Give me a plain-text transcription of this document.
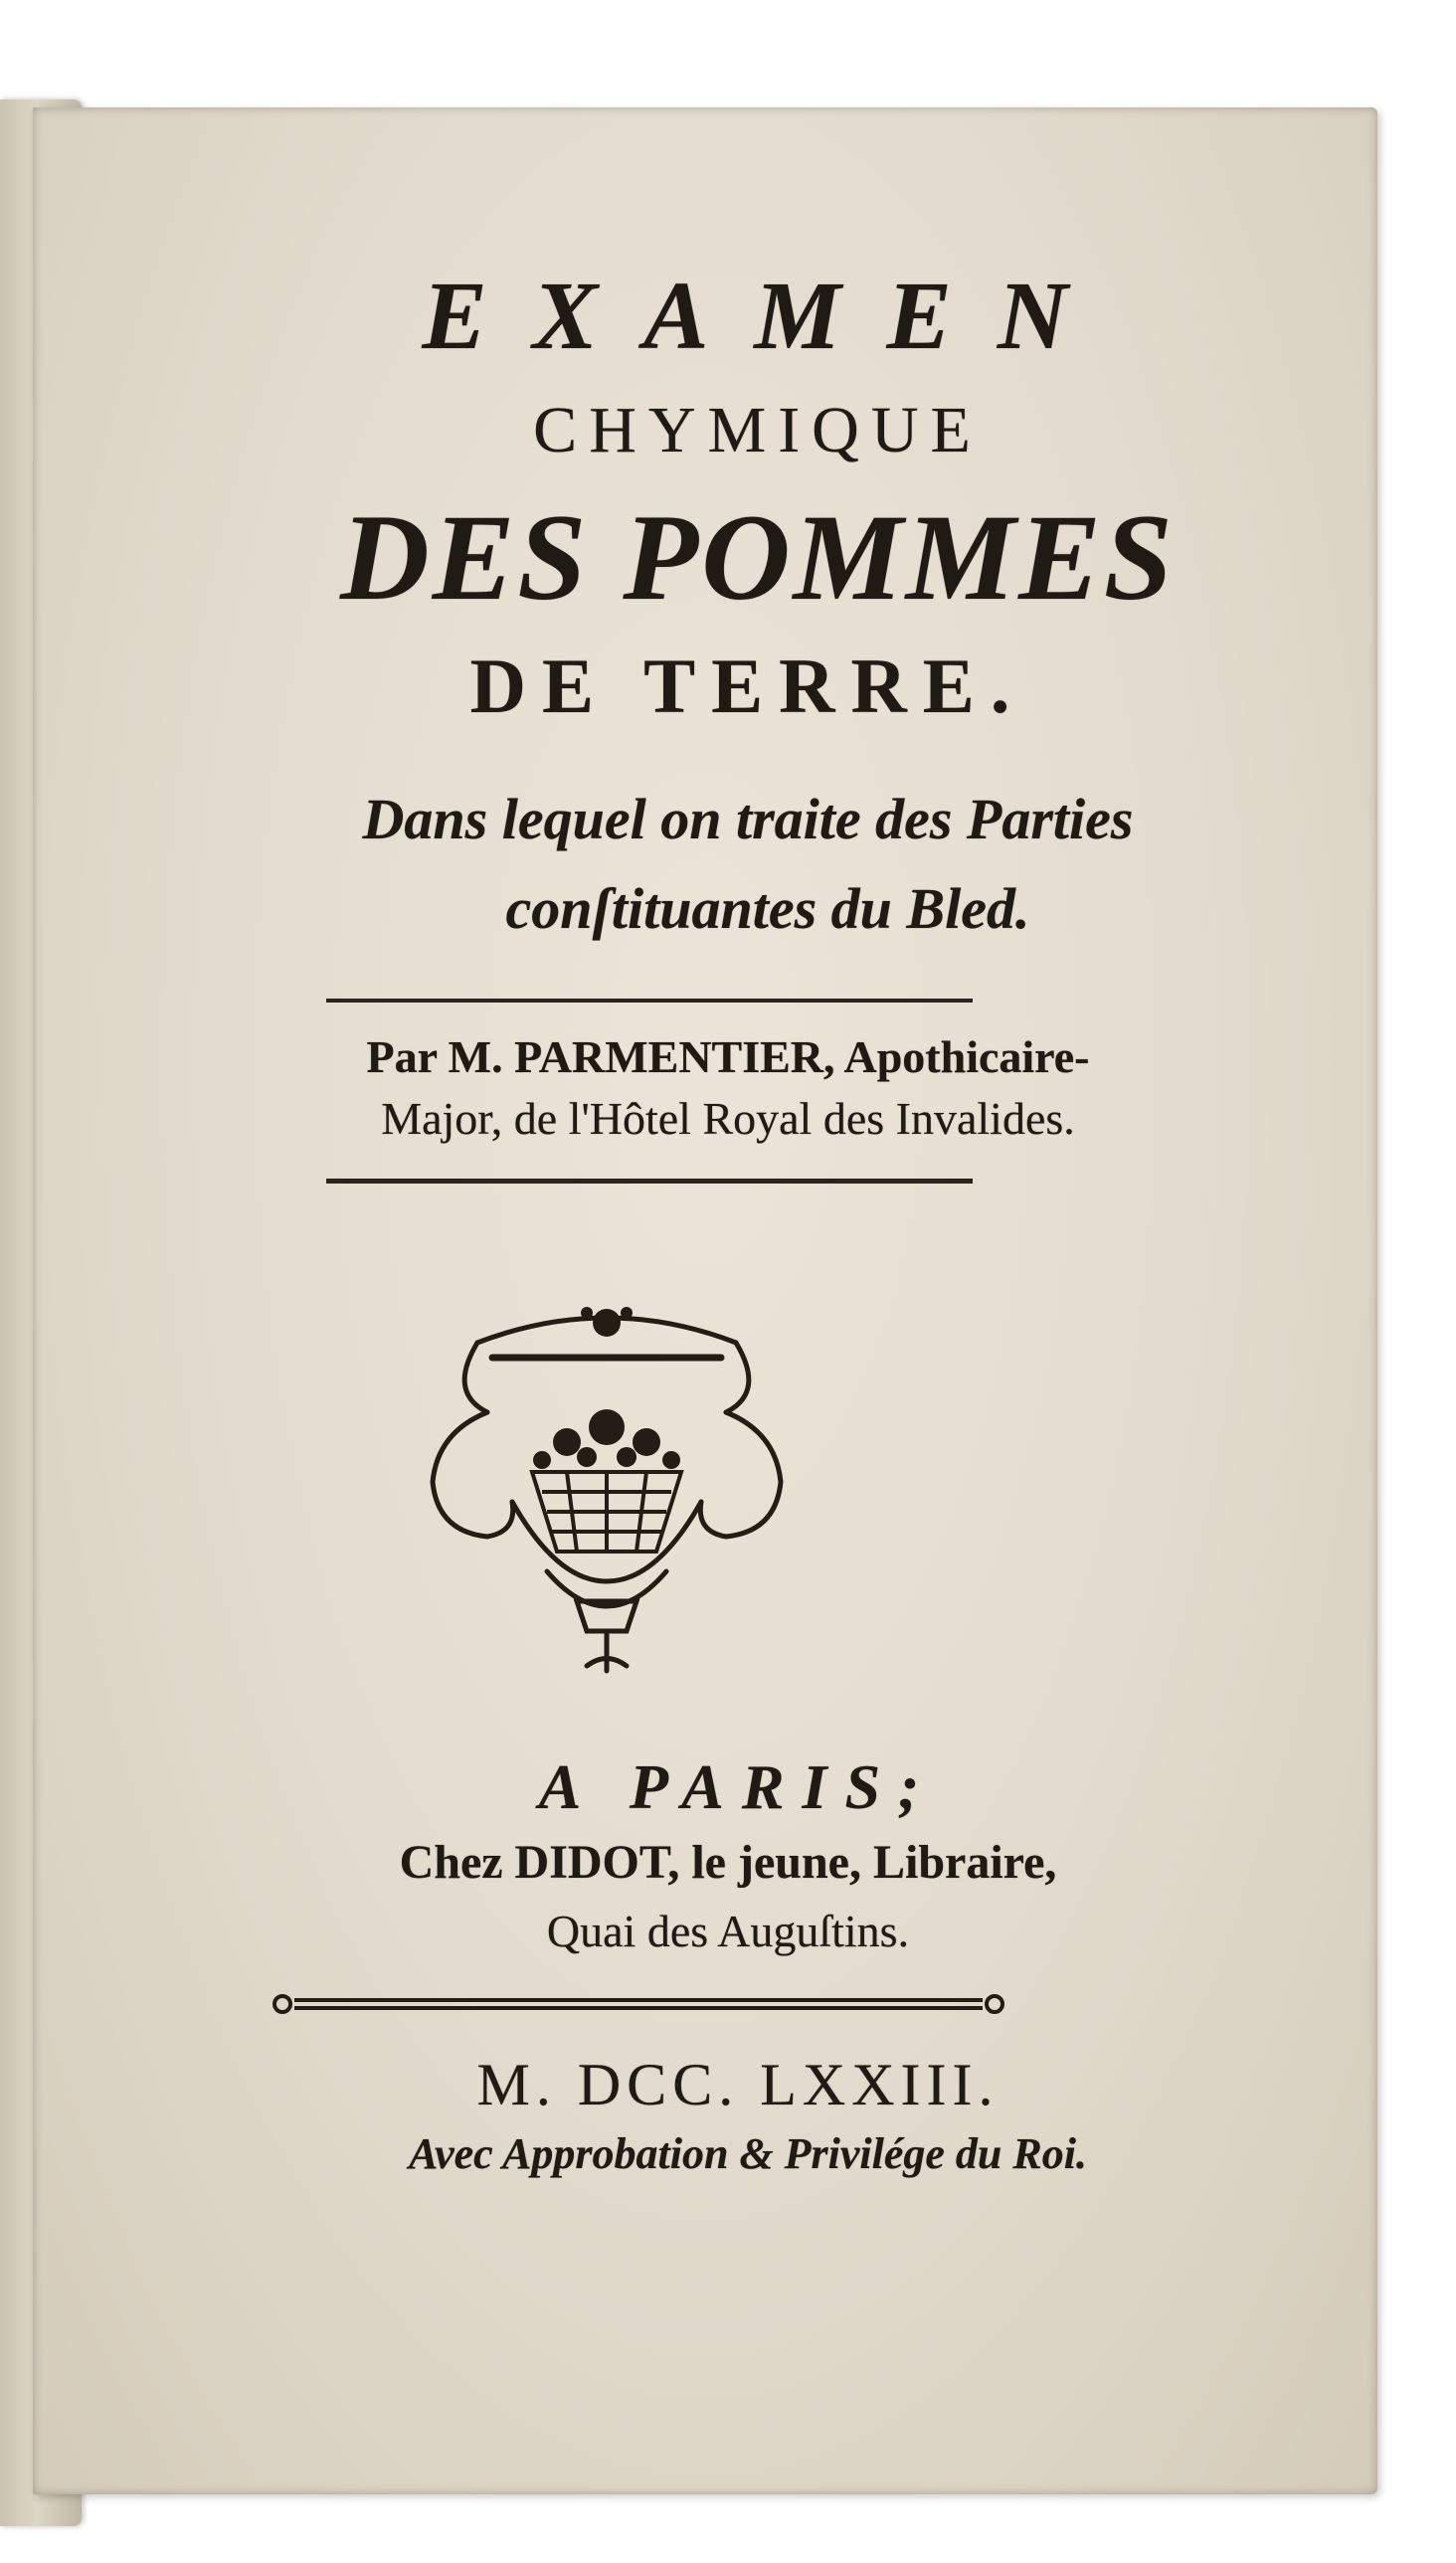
EXAMEN
CHYMIQUE
DES POMMES
DE TERRE.
Dans lequel on traite des Parties
conſtituantes du Bled.
Par M. PARMENTIER, Apothicaire-
Major, de l'Hôtel Royal des Invalides.
A PARIS;
Chez DIDOT, le jeune, Libraire,
Quai des Auguſtins.
M. DCC. LXXIII.
Avec Approbation & Privilége du Roi.
